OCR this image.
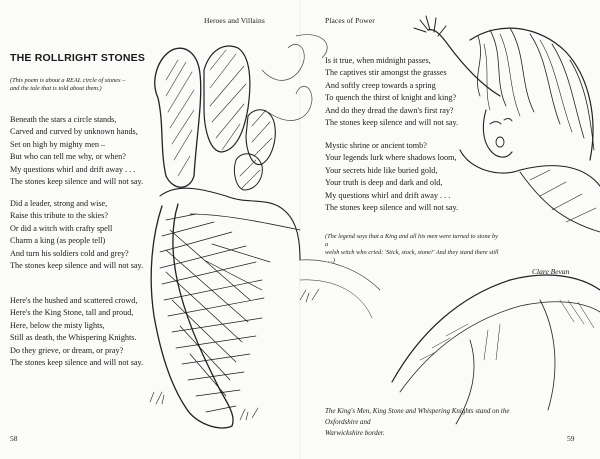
Heroes and Villains	Places of Power
THE ROLLRIGHT STONES
(This poem is about a REAL circle of stones –
and the tale that is told about them.)
Beneath the stars a circle stands,
Carved and curved by unknown hands,
Set on high by mighty men –
But who can tell me why, or when?
My questions whirl and drift away . . .
The stones keep silence and will not say.
Did a leader, strong and wise,
Raise this tribute to the skies?
Or did a witch with crafty spell
Charm a king (as people tell)
And turn his soldiers cold and grey?
The stones keep silence and will not say.
Here's the hushed and scattered crowd,
Here's the King Stone, tall and proud,
Here, below the misty lights,
Still as death, the Whispering Knights.
Do they grieve, or dream, or pray?
The stones keep silence and will not say.
Is it true, when midnight passes,
The captives stir amongst the grasses
And softly creep towards a spring
To quench the thirst of knight and king?
And do they dread the dawn's first ray?
The stones keep silence and will not say.
Mystic shrine or ancient tomb?
Your legends lurk where shadows loom,
Your secrets hide like buried gold,
Your truth is deep and dark and old,
My questions whirl and drift away . . .
The stones keep silence and will not say.
(The legend says that a King and all his men were turned to stone by a
welsh witch who cried: 'Stick, stock, stone!' And they stand there still . . .)
Clare Bevan
The King's Men, King Stone and Whispering Knights stand on the Oxfordshire and
Warwickshire border.
58	59
